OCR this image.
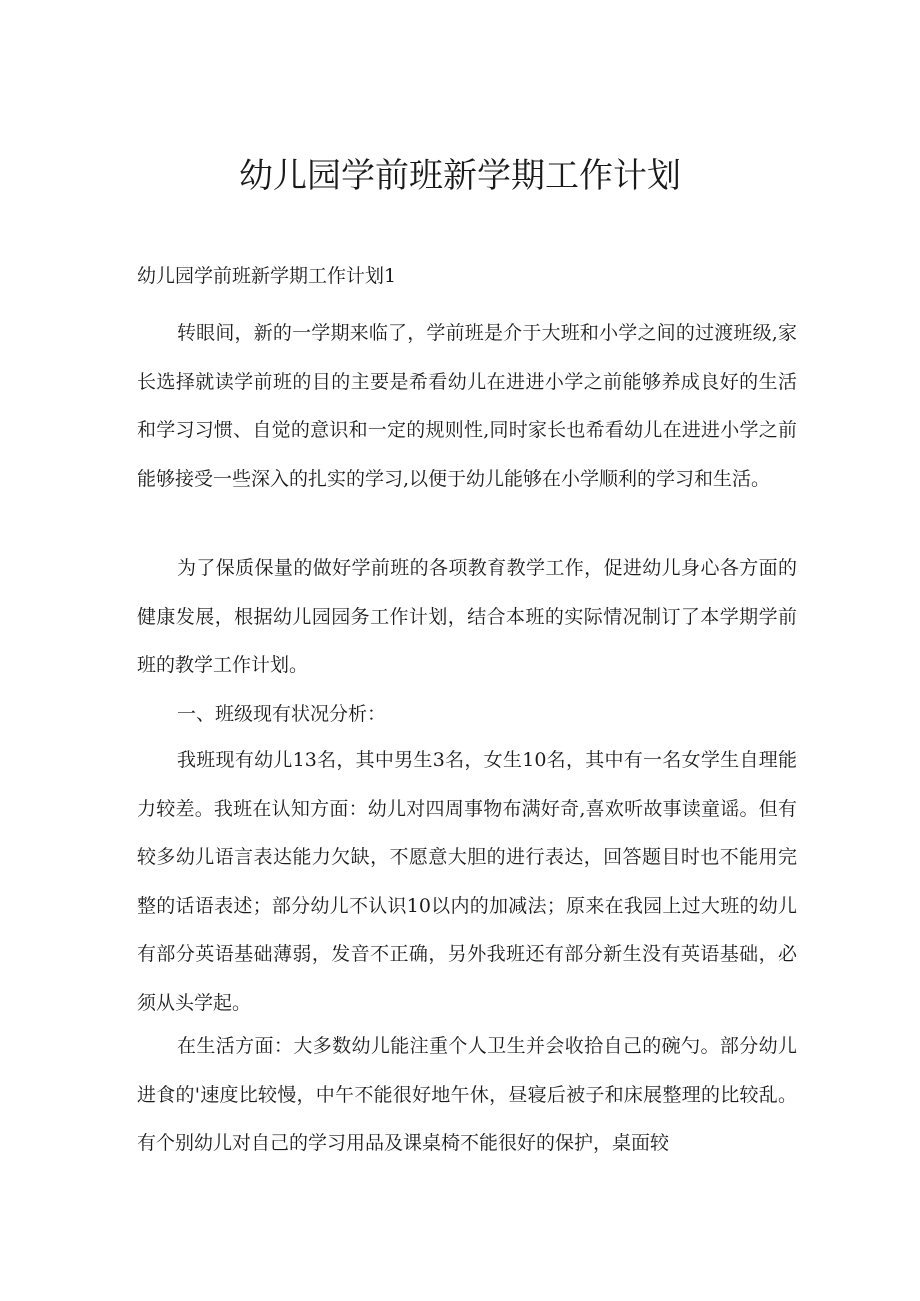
幼儿园学前班新学期工作计划
幼儿园学前班新学期工作计划1

转眼间，新的一学期来临了，学前班是介于大班和小学之间的过渡班级,家长选择就读学前班的目的主要是希看幼儿在进进小学之前能够养成良好的生活和学习习惯、自觉的意识和一定的规则性,同时家长也希看幼儿在进进小学之前能够接受一些深入的扎实的学习,以便于幼儿能够在小学顺利的学习和生活。

为了保质保量的做好学前班的各项教育教学工作，促进幼儿身心各方面的健康发展，根据幼儿园园务工作计划，结合本班的实际情况制订了本学期学前班的教学工作计划。

一、班级现有状况分析：

我班现有幼儿13名，其中男生3名，女生10名，其中有一名女学生自理能力较差。我班在认知方面：幼儿对四周事物布满好奇,喜欢听故事读童谣。但有较多幼儿语言表达能力欠缺，不愿意大胆的进行表达，回答题目时也不能用完整的话语表述；部分幼儿不认识10以内的加减法；原来在我园上过大班的幼儿有部分英语基础薄弱，发音不正确，另外我班还有部分新生没有英语基础，必须从头学起。

在生活方面：大多数幼儿能注重个人卫生并会收拾自己的碗勺。部分幼儿进食的'速度比较慢，中午不能很好地午休，昼寝后被子和床展整理的比较乱。有个别幼儿对自己的学习用品及课桌椅不能很好的保护，桌面较
